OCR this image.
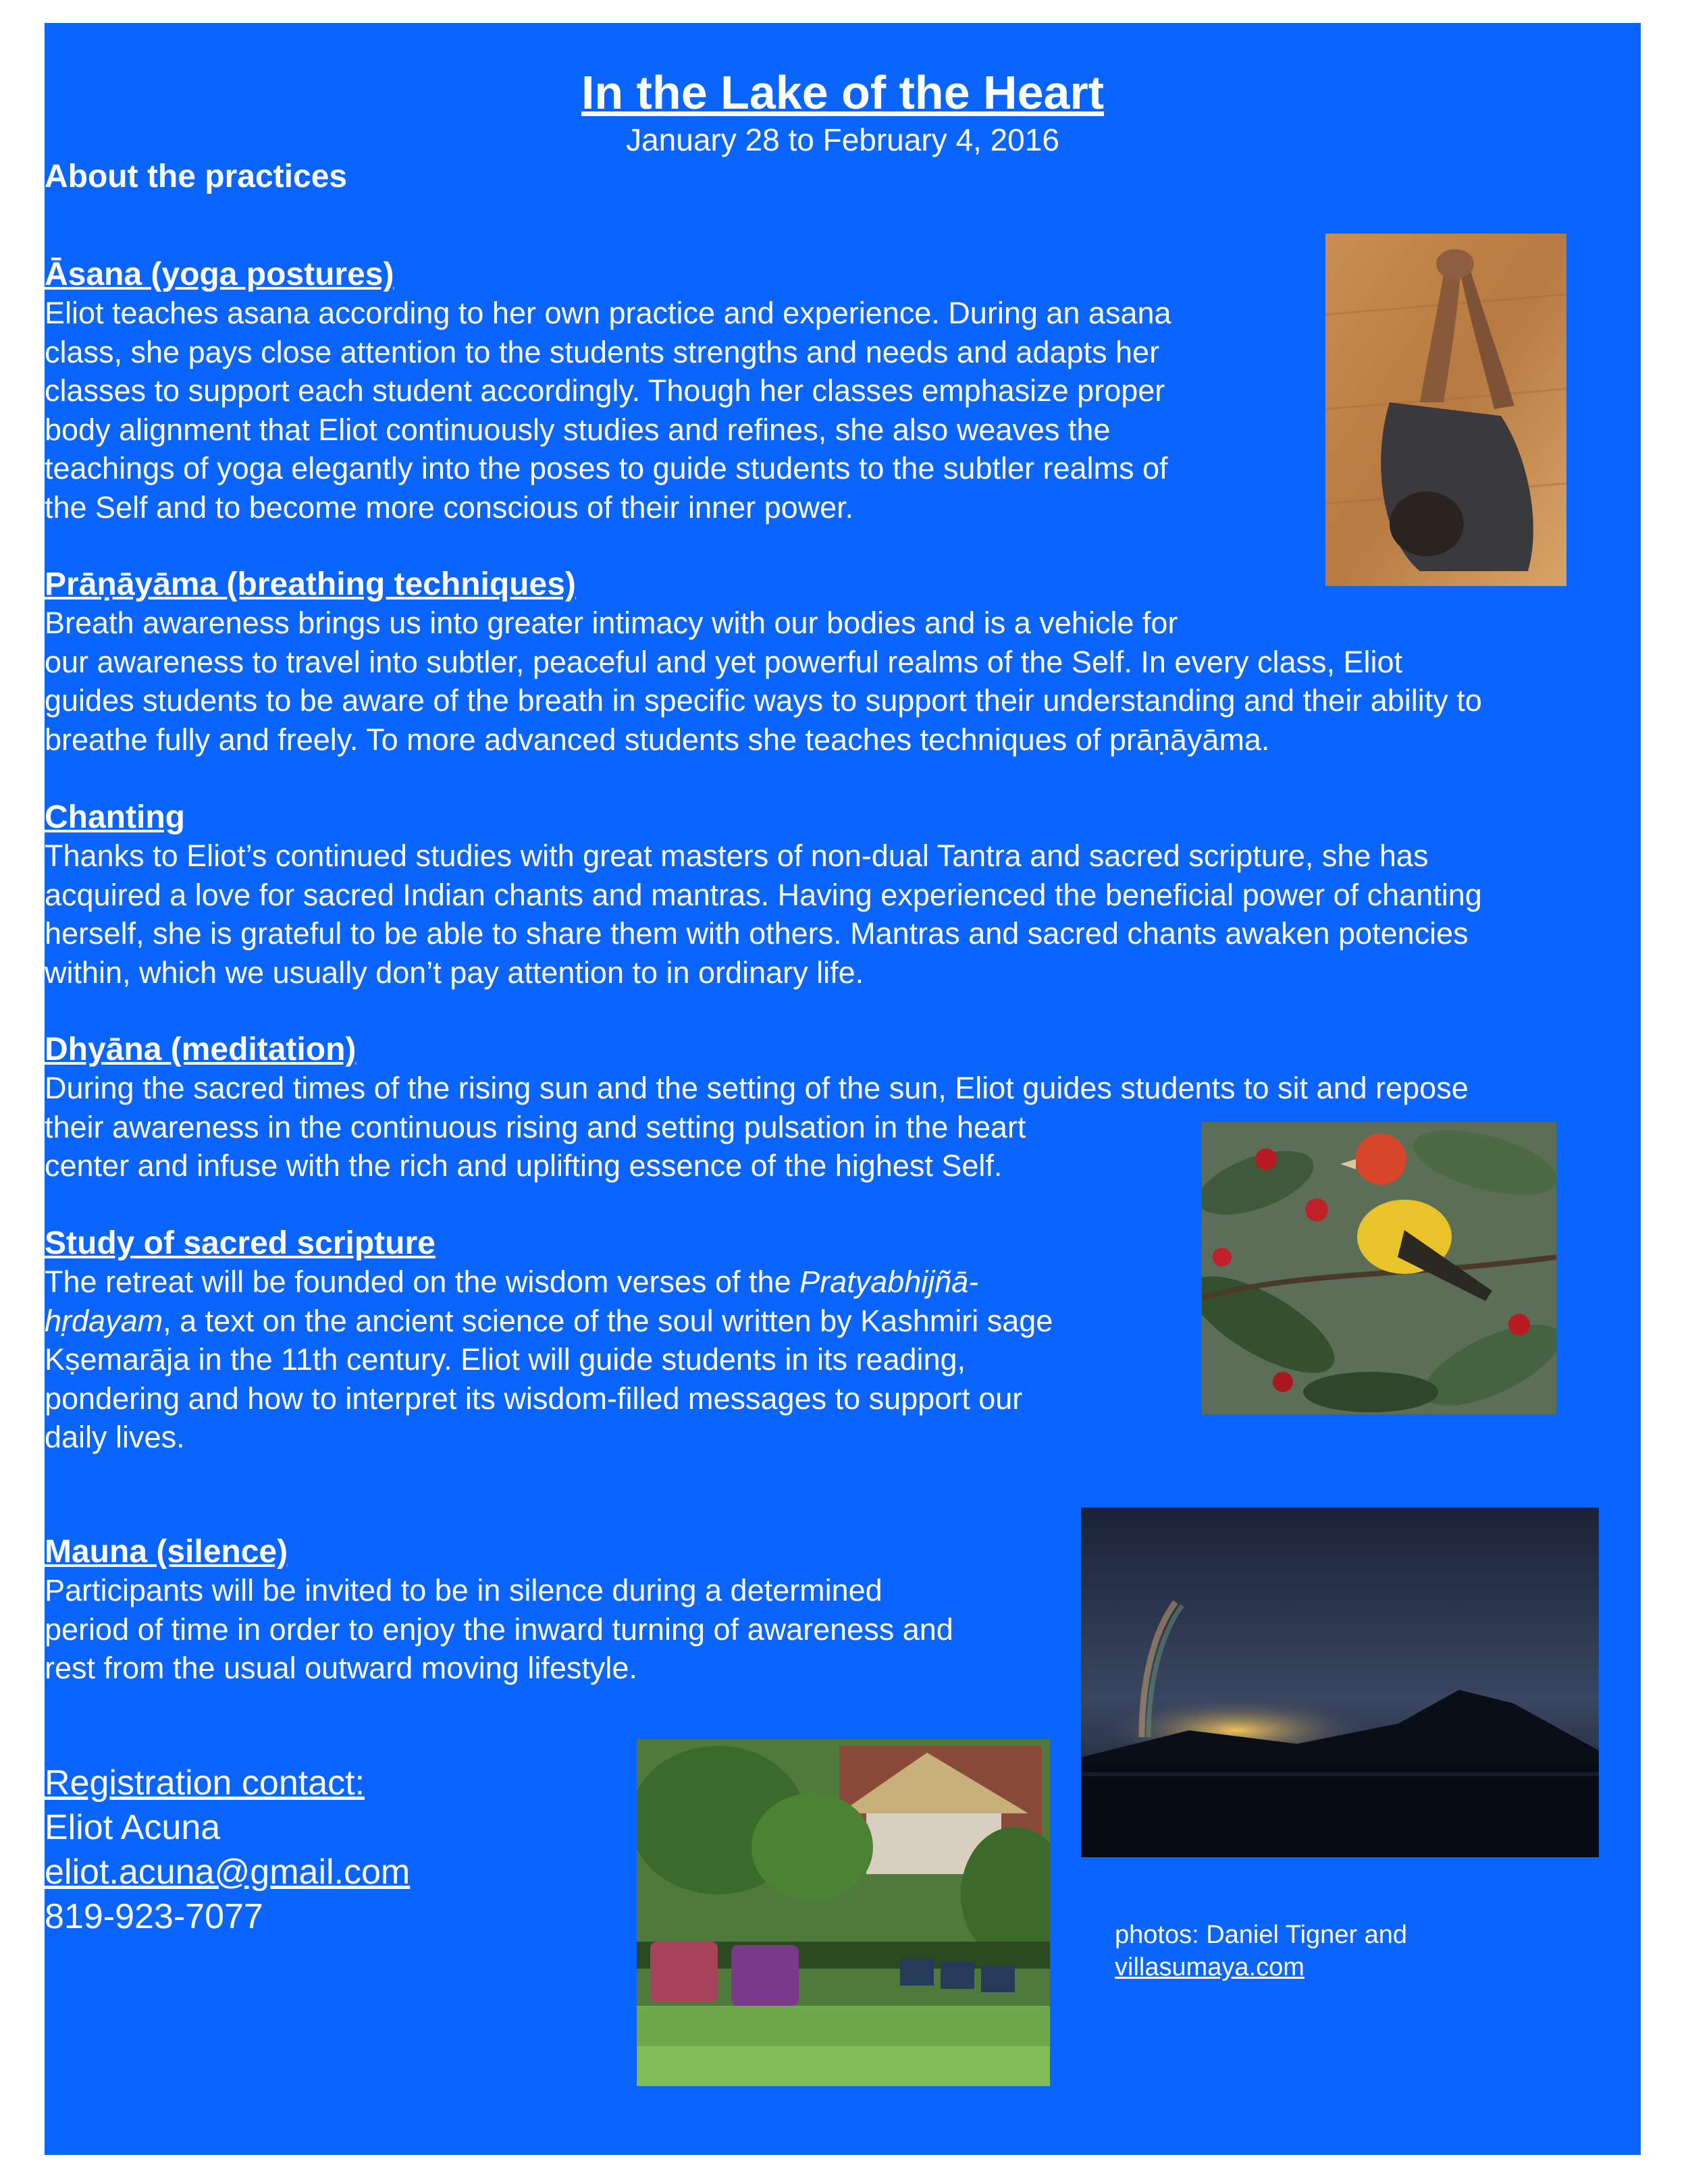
In the Lake of the Heart
January 28 to February 4, 2016
About the practices
Āsana (yoga postures)
Eliot teaches asana according to her own practice and experience. During an asana
class, she pays close attention to the students strengths and needs and adapts her
classes to support each student accordingly. Though her classes emphasize proper
body alignment that Eliot continuously studies and refines, she also weaves the
teachings of yoga elegantly into the poses to guide students to the subtler realms of
the Self and to become more conscious of their inner power.
Prāṇāyāma (breathing techniques)
Breath awareness brings us into greater intimacy with our bodies and is a vehicle for
our awareness to travel into subtler, peaceful and yet powerful realms of the Self. In every class, Eliot
guides students to be aware of the breath in specific ways to support their understanding and their ability to
breathe fully and freely. To more advanced students she teaches techniques of prāṇāyāma.
Chanting
Thanks to Eliot’s continued studies with great masters of non-dual Tantra and sacred scripture, she has
acquired a love for sacred Indian chants and mantras. Having experienced the beneficial power of chanting
herself, she is grateful to be able to share them with others. Mantras and sacred chants awaken potencies
within, which we usually don’t pay attention to in ordinary life.
Dhyāna (meditation)
During the sacred times of the rising sun and the setting of the sun, Eliot guides students to sit and repose
their awareness in the continuous rising and setting pulsation in the heart
center and infuse with the rich and uplifting essence of the highest Self.
Study of sacred scripture
The retreat will be founded on the wisdom verses of the Pratyabhijñā-
hṛdayam, a text on the ancient science of the soul written by Kashmiri sage
Kṣemarāja in the 11th century. Eliot will guide students in its reading,
pondering and how to interpret its wisdom-filled messages to support our
daily lives.
Mauna (silence)
Participants will be invited to be in silence during a determined
period of time in order to enjoy the inward turning of awareness and
rest from the usual outward moving lifestyle.
Registration contact:
Eliot Acuna
eliot.acuna@gmail.com
819-923-7077	photos: Daniel Tigner and
villasumaya.com
